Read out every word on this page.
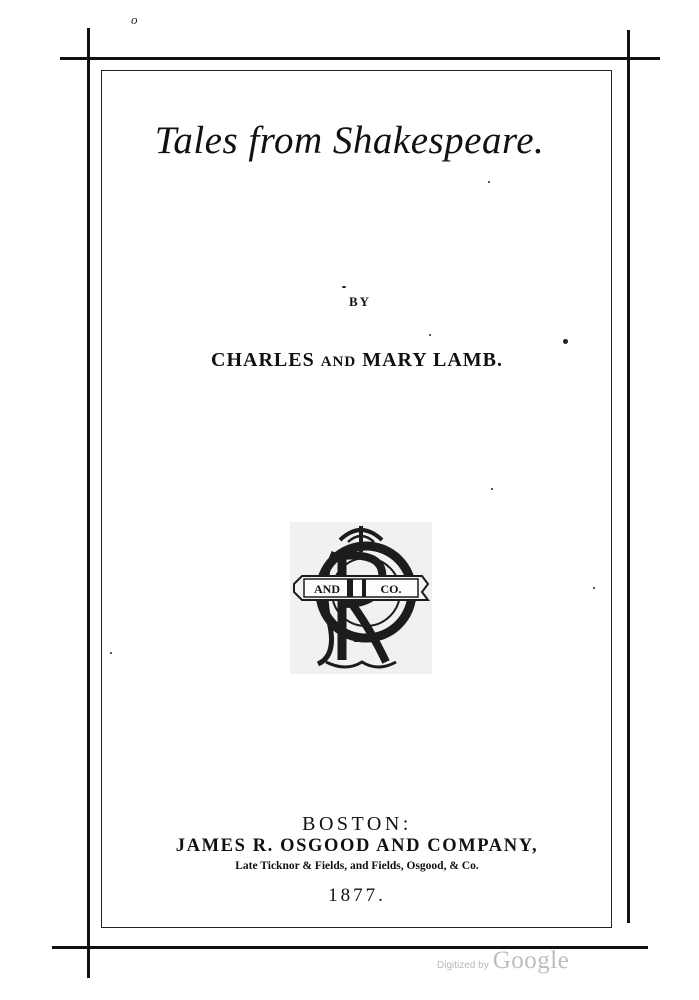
o
Tales from Shakespeare.
BY
CHARLES AND MARY LAMB.
AND	CO.
BOSTON:
JAMES R. OSGOOD AND COMPANY,
Late Ticknor & Fields, and Fields, Osgood, & Co.
1877.
Digitized by Google
